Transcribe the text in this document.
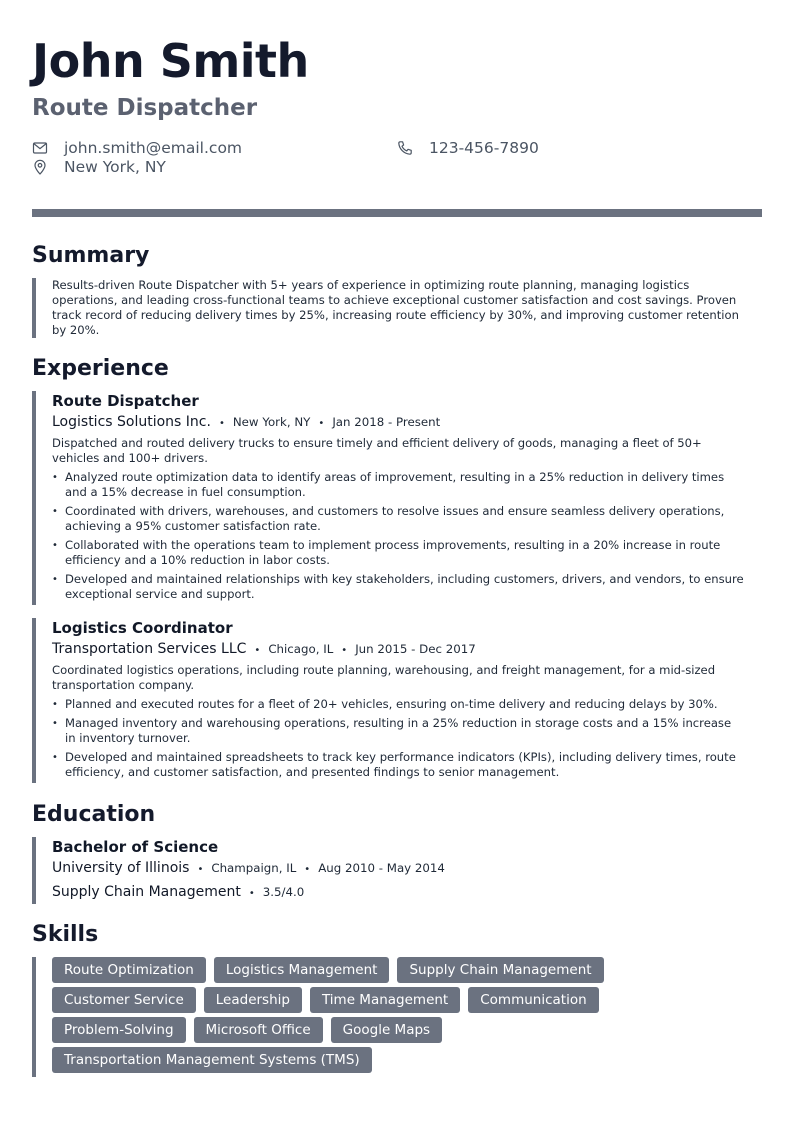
John Smith
Route Dispatcher
john.smith@email.com	123-456-7890
New York, NY
Summary

Results-driven Route Dispatcher with 5+ years of experience in optimizing route planning, managing logistics operations, and leading cross-functional teams to achieve exceptional customer satisfaction and cost savings. Proven track record of reducing delivery times by 25%, increasing route efficiency by 30%, and improving customer retention by 20%.

Experience
Route Dispatcher
Logistics Solutions Inc. • New York, NY • Jan 2018 - Present

Dispatched and routed delivery trucks to ensure timely and efficient delivery of goods, managing a fleet of 50+ vehicles and 100+ drivers.

• Analyzed route optimization data to identify areas of improvement, resulting in a 25% reduction in delivery times and a 15% decrease in fuel consumption.
• Coordinated with drivers, warehouses, and customers to resolve issues and ensure seamless delivery operations, achieving a 95% customer satisfaction rate.
• Collaborated with the operations team to implement process improvements, resulting in a 20% increase in route efficiency and a 10% reduction in labor costs.
• Developed and maintained relationships with key stakeholders, including customers, drivers, and vendors, to ensure exceptional service and support.
Logistics Coordinator
Transportation Services LLC • Chicago, IL • Jun 2015 - Dec 2017

Coordinated logistics operations, including route planning, warehousing, and freight management, for a mid-sized transportation company.

• Planned and executed routes for a fleet of 20+ vehicles, ensuring on-time delivery and reducing delays by 30%.
• Managed inventory and warehousing operations, resulting in a 25% reduction in storage costs and a 15% increase in inventory turnover.
• Developed and maintained spreadsheets to track key performance indicators (KPIs), including delivery times, route efficiency, and customer satisfaction, and presented findings to senior management.
Education
Bachelor of Science
University of Illinois • Champaign, IL • Aug 2010 - May 2014
Supply Chain Management • 3.5/4.0
Skills
Route Optimization	Logistics Management	Supply Chain Management
Customer Service	Leadership	Time Management	Communication
Problem-Solving	Microsoft Office	Google Maps
Transportation Management Systems (TMS)
